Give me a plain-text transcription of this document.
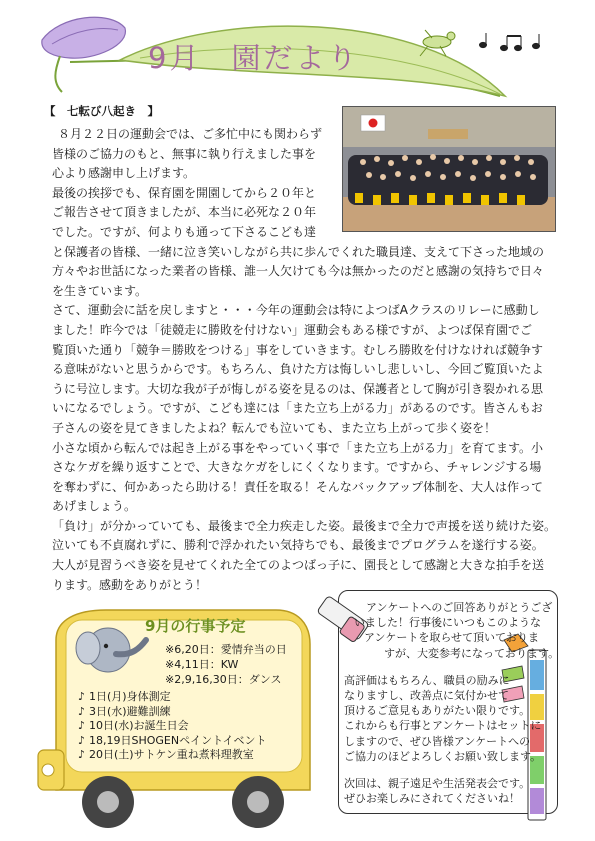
9月 園だより
【　七転び八起き　】
８月２２日の運動会では、ご多忙中にも関わらず
皆様のご協力のもと、無事に執り行えました事を
心より感謝申し上げます。
最後の挨拶でも、保育園を開園してから２０年と
ご報告させて頂きましたが、本当に必死な２０年
でした。ですが、何よりも通って下さるこども達
と保護者の皆様、一緒に泣き笑いしながら共に歩んでくれた職員達、支えて下さった地域の
方々やお世話になった業者の皆様、誰一人欠けても今は無かったのだと感謝の気持ちで日々
を生きています。
さて、運動会に話を戻しますと・・・今年の運動会は特によつばAクラスのリレーに感動し
ました！昨今では「徒競走に勝敗を付けない」運動会もある様ですが、よつば保育園でご
覧頂いた通り「競争＝勝敗をつける」事をしていきます。むしろ勝敗を付けなければ競争す
る意味がないと思うからです。もちろん、負けた方は悔しいし悲しいし、今回ご覧頂いたよ
うに号泣します。大切な我が子が悔しがる姿を見るのは、保護者として胸が引き裂かれる思
いになるでしょう。ですが、こども達には「また立ち上がる力」があるのです。皆さんもお
子さんの姿を見てきましたよね？転んでも泣いても、また立ち上がって歩く姿を！
小さな頃から転んでは起き上がる事をやっていく事で「また立ち上がる力」を育てます。小
さなケガを繰り返すことで、大きなケガをしにくくなります。ですから、チャレンジする場
を奪わずに、何かあったら助ける！責任を取る！そんなバックアップ体制を、大人は作って
あげましょう。
「負け」が分かっていても、最後まで全力疾走した姿。最後まで全力で声援を送り続けた姿。
泣いても不貞腐れずに、勝利で浮かれたい気持ちでも、最後までプログラムを遂行する姿。
大人が見習うべき姿を見せてくれた全てのよつばっ子に、園長として感謝と大きな拍手を送
ります。感動をありがとう！
9月の行事予定
※6,20日：愛情弁当の日
※4,11日：KW
※2,9,16,30日：ダンス
♪ 1日(月)身体測定
♪ 3日(水)避難訓練
♪ 10日(水)お誕生日会
♪ 18,19日SHOGENペイントイベント
♪ 20日(土)サトケン重ね煮料理教室
アンケートへのご回答ありがとうござ
いました！行事後にいつもこのような
アンケートを取らせて頂いておりま
すが、大変参考になっております。
高評価はもちろん、職員の励みに
なりますし、改善点に気付かせて
頂けるご意見もありがたい限りです。
これからも行事とアンケートはセットに
しますので、ぜひ皆様アンケートへの
ご協力のほどよろしくお願い致します。
次回は、親子遠足や生活発表会です。
ぜひお楽しみにされてくださいね！
